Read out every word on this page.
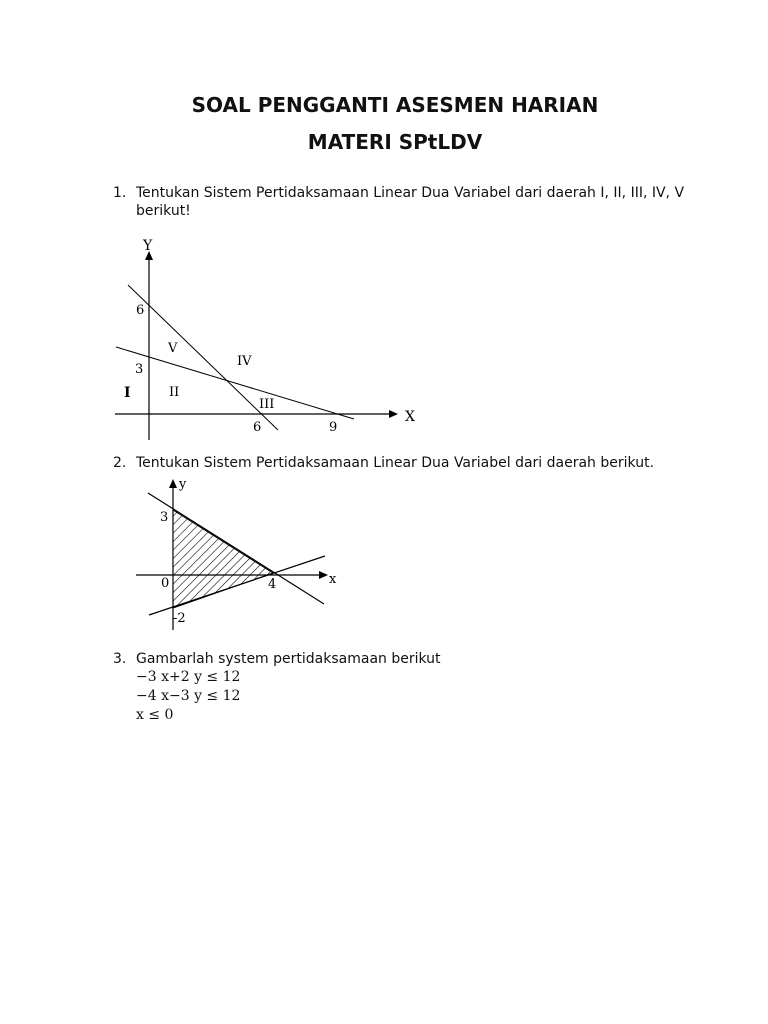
SOAL PENGGANTI ASESMEN HARIAN
MATERI SPtLDV
1. Tentukan Sistem Pertidaksamaan Linear Dua Variabel dari daerah I, II, III, IV, V
berikut!
Y
X
6
3
6	9
I	II
III
IV
V
2. Tentukan Sistem Pertidaksamaan Linear Dua Variabel dari daerah berikut.
y
x
3
0
-2
4
3. Gambarlah system pertidaksamaan berikut
−3 x+2 y ≤ 12
−4 x−3 y ≤ 12
x ≤ 0
